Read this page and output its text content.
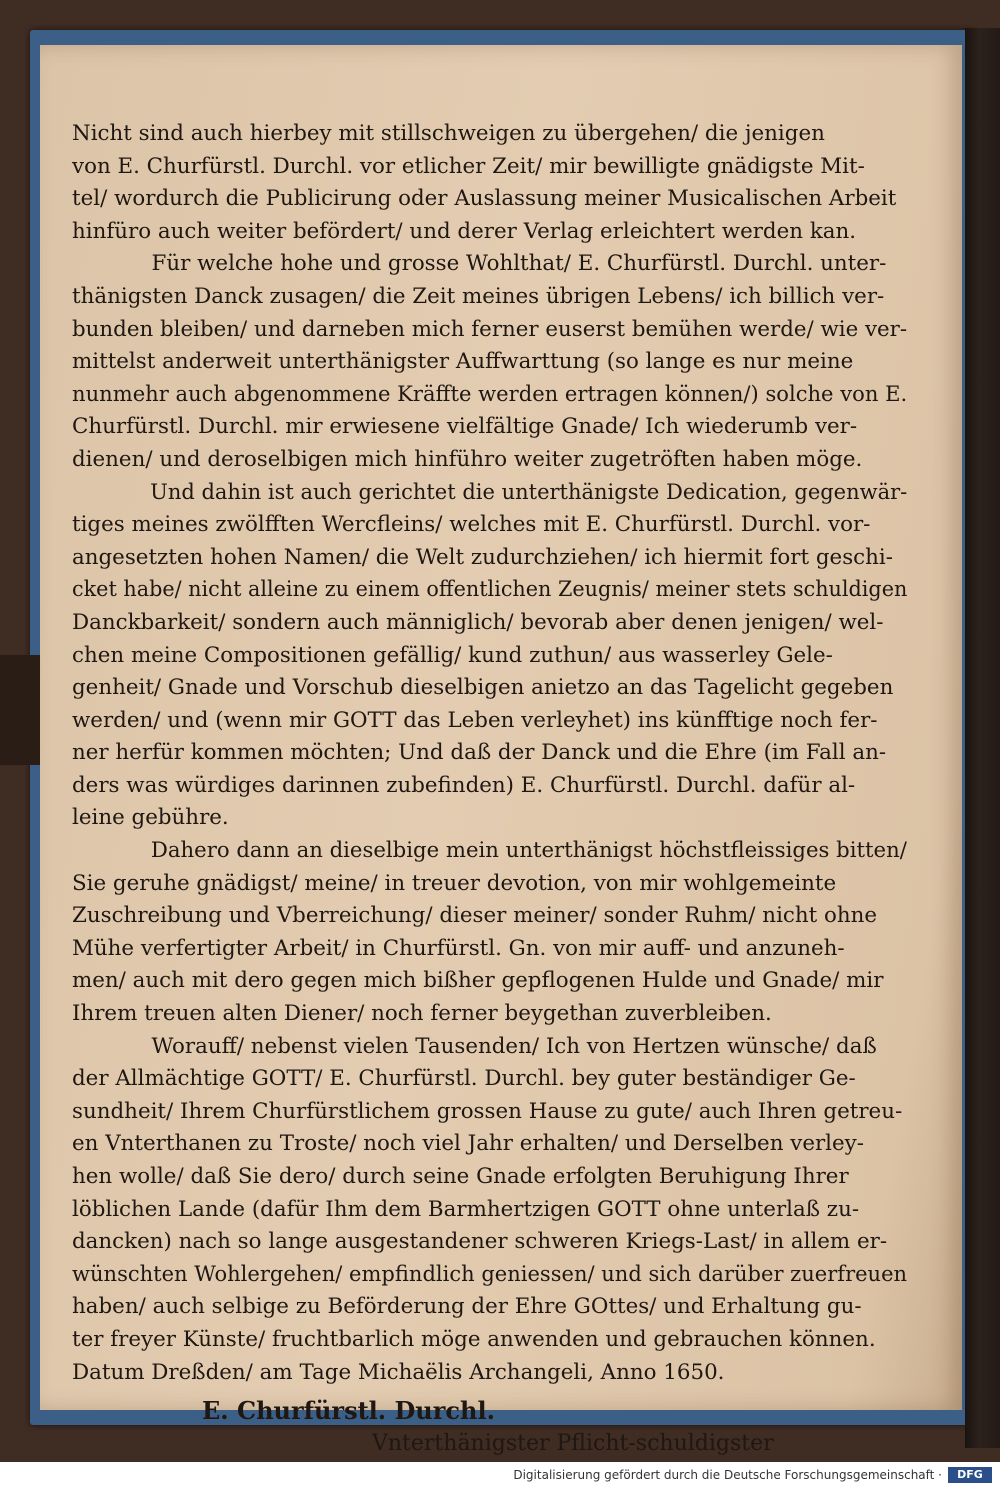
Nicht sind auch hierbey mit stillschweigen zu übergehen/ die jenigen
von E. Churfürstl. Durchl. vor etlicher Zeit/ mir bewilligte gnädigste Mit-
tel/ wordurch die Publicirung oder Auslassung meiner Musicalischen Arbeit
hinfüro auch weiter befördert/ und derer Verlag erleichtert werden kan.
Für welche hohe und grosse Wohlthat/ E. Churfürstl. Durchl. unter-
thänigsten Danck zusagen/ die Zeit meines übrigen Lebens/ ich billich ver-
bunden bleiben/ und darneben mich ferner euserst bemühen werde/ wie ver-
mittelst anderweit unterthänigster Auffwarttung (so lange es nur meine
nunmehr auch abgenommene Kräffte werden ertragen können/) solche von E.
Churfürstl. Durchl. mir erwiesene vielfältige Gnade/ Ich wiederumb ver-
dienen/ und deroselbigen mich hinführo weiter zugetröften haben möge.
Und dahin ist auch gerichtet die unterthänigste Dedication, gegenwär-
tiges meines zwölfften Wercfleins/ welches mit E. Churfürstl. Durchl. vor-
angesetzten hohen Namen/ die Welt zudurchziehen/ ich hiermit fort geschi-
cket habe/ nicht alleine zu einem offentlichen Zeugnis/ meiner stets schuldigen
Danckbarkeit/ sondern auch männiglich/ bevorab aber denen jenigen/ wel-
chen meine Compositionen gefällig/ kund zuthun/ aus wasserley Gele-
genheit/ Gnade und Vorschub dieselbigen anietzo an das Tagelicht gegeben
werden/ und (wenn mir GOTT das Leben verleyhet) ins künfftige noch fer-
ner herfür kommen möchten; Und daß der Danck und die Ehre (im Fall an-
ders was würdiges darinnen zubefinden) E. Churfürstl. Durchl. dafür al-
leine gebühre.
Dahero dann an dieselbige mein unterthänigst höchstfleissiges bitten/
Sie geruhe gnädigst/ meine/ in treuer devotion, von mir wohlgemeinte
Zuschreibung und Vberreichung/ dieser meiner/ sonder Ruhm/ nicht ohne
Mühe verfertigter Arbeit/ in Churfürstl. Gn. von mir auff- und anzuneh-
men/ auch mit dero gegen mich bißher gepflogenen Hulde und Gnade/ mir
Ihrem treuen alten Diener/ noch ferner beygethan zuverbleiben.
Worauff/ nebenst vielen Tausenden/ Ich von Hertzen wünsche/ daß
der Allmächtige GOTT/ E. Churfürstl. Durchl. bey guter beständiger Ge-
sundheit/ Ihrem Churfürstlichem grossen Hause zu gute/ auch Ihren getreu-
en Vnterthanen zu Troste/ noch viel Jahr erhalten/ und Derselben verley-
hen wolle/ daß Sie dero/ durch seine Gnade erfolgten Beruhigung Ihrer
löblichen Lande (dafür Ihm dem Barmhertzigen GOTT ohne unterlaß zu-
dancken) nach so lange ausgestandener schweren Kriegs-Last/ in allem er-
wünschten Wohlergehen/ empfindlich geniessen/ und sich darüber zuerfreuen
haben/ auch selbige zu Beförderung der Ehre GOttes/ und Erhaltung gu-
ter freyer Künste/ fruchtbarlich möge anwenden und gebrauchen können.
Datum Dreßden/ am Tage Michaëlis Archangeli, Anno 1650.
E. Churfürstl. Durchl.
Vnterthänigster Pflicht-schuldigster
Digitalisierung gefördert durch die Deutsche Forschungsgemeinschaft ·	DFG
